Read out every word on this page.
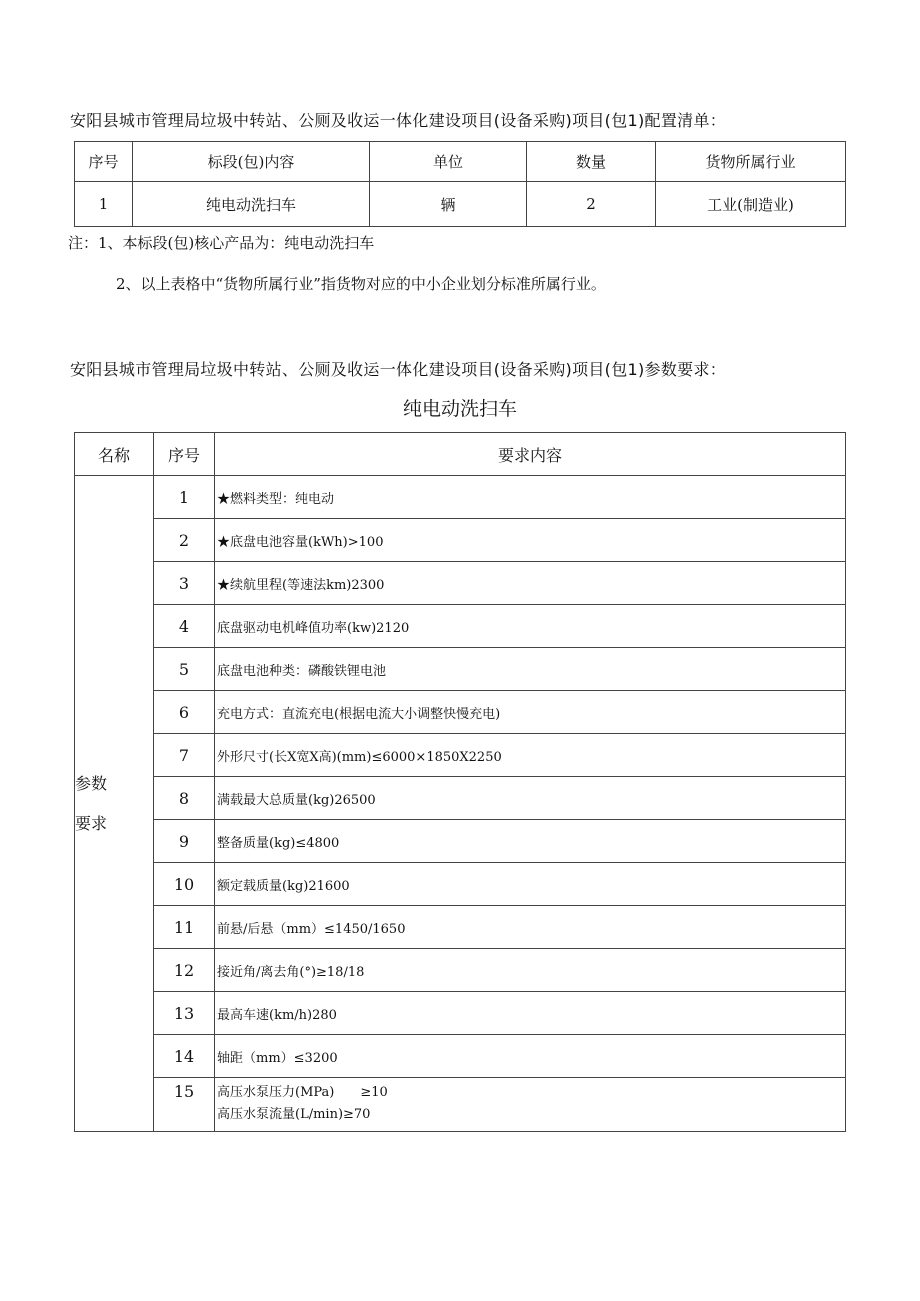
安阳县城市管理局垃圾中转站、公厕及收运一体化建设项目(设备采购)项目(包1)配置清单：
序号	标段(包)内容	单位	数量	货物所属行业
1	纯电动洗扫车	辆	2	工业(制造业)
注：1、本标段(包)核心产品为：纯电动洗扫车
2、以上表格中“货物所属行业”指货物对应的中小企业划分标准所属行业。
安阳县城市管理局垃圾中转站、公厕及收运一体化建设项目(设备采购)项目(包1)参数要求：
纯电动洗扫车
名称	序号	要求内容

参数
要求	1	★燃料类型：纯电动
	2	★底盘电池容量(kWh)>100
	3	★续航里程(等速法km)2300
	4	底盘驱动电机峰值功率(kw)2120
	5	底盘电池种类：磷酸铁锂电池
	6	充电方式：直流充电(根据电流大小调整快慢充电)
	7	外形尺寸(长X宽X高)(mm)≤6000×1850X2250
	8	满载最大总质量(kg)26500
	9	整备质量(kg)≤4800
	10	额定载质量(kg)21600
	11	前悬/后悬（mm）≤1450/1650
	12	接近角/离去角(°)≥18/18
	13	最高车速(km/h)280
	14	轴距（mm）≤3200
	15	高压水泵压力(MPa)　　≥10
高压水泵流量(L/min)≥70
